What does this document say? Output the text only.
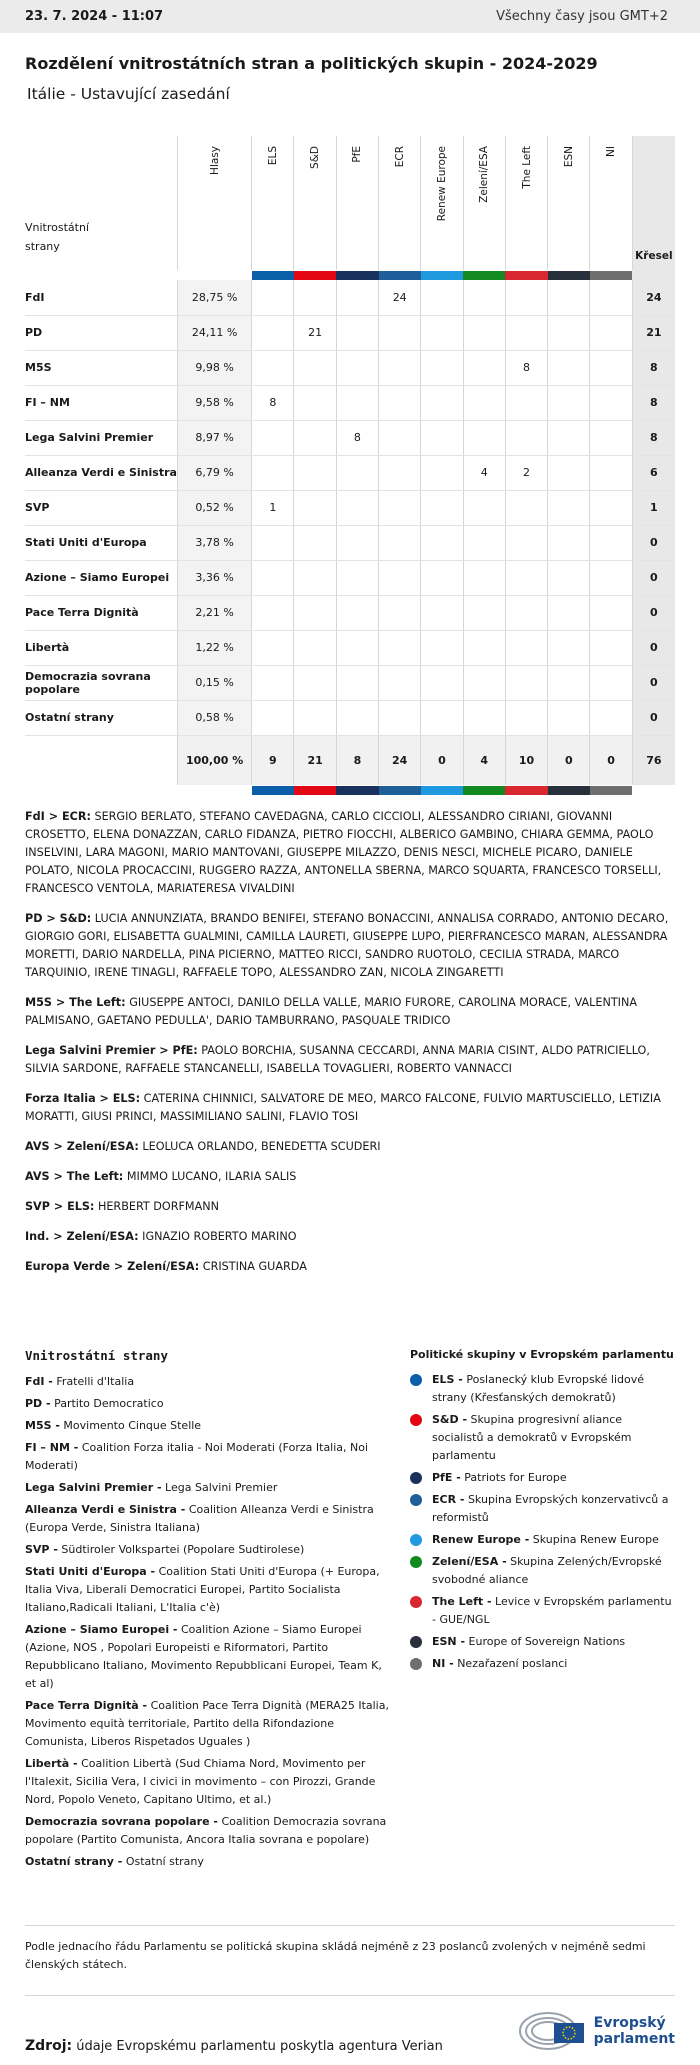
23. 7. 2024 - 11:07	Všechny časy jsou GMT+2
Rozdělení vnitrostátních stran a politických skupin - 2024-2029
Itálie - Ustavující zasedání
Vnitrostátní strany	Hlasy	ELS	S&D	PfE	ECR	Renew Europe	Zelení/ESA	The Left	ESN	NI	Křesel

FdI	28,75 %				24						24
PD	24,11 %		21								21
M5S	9,98 %							8			8
FI – NM	9,58 %	8									8
Lega Salvini Premier	8,97 %			8							8
Alleanza Verdi e Sinistra	6,79 %						4	2			6
SVP	0,52 %	1									1
Stati Uniti d'Europa	3,78 %										0
Azione – Siamo Europei	3,36 %										0
Pace Terra Dignità	2,21 %										0
Libertà	1,22 %										0
Democrazia sovrana popolare	0,15 %										0
Ostatní strany	0,58 %										0
	100,00 %	9	21	8	24	0	4	10	0	0	76

FdI > ECR: SERGIO BERLATO, STEFANO CAVEDAGNA, CARLO CICCIOLI, ALESSANDRO CIRIANI, GIOVANNI CROSETTO, ELENA DONAZZAN, CARLO FIDANZA, PIETRO FIOCCHI, ALBERICO GAMBINO, CHIARA GEMMA, PAOLO INSELVINI, LARA MAGONI, MARIO MANTOVANI, GIUSEPPE MILAZZO, DENIS NESCI, MICHELE PICARO, DANIELE POLATO, NICOLA PROCACCINI, RUGGERO RAZZA, ANTONELLA SBERNA, MARCO SQUARTA, FRANCESCO TORSELLI, FRANCESCO VENTOLA, MARIATERESA VIVALDINI

PD > S&D: LUCIA ANNUNZIATA, BRANDO BENIFEI, STEFANO BONACCINI, ANNALISA CORRADO, ANTONIO DECARO, GIORGIO GORI, ELISABETTA GUALMINI, CAMILLA LAURETI, GIUSEPPE LUPO, PIERFRANCESCO MARAN, ALESSANDRA MORETTI, DARIO NARDELLA, PINA PICIERNO, MATTEO RICCI, SANDRO RUOTOLO, CECILIA STRADA, MARCO TARQUINIO, IRENE TINAGLI, RAFFAELE TOPO, ALESSANDRO ZAN, NICOLA ZINGARETTI

M5S > The Left: GIUSEPPE ANTOCI, DANILO DELLA VALLE, MARIO FURORE, CAROLINA MORACE, VALENTINA PALMISANO, GAETANO PEDULLA', DARIO TAMBURRANO, PASQUALE TRIDICO

Lega Salvini Premier > PfE: PAOLO BORCHIA, SUSANNA CECCARDI, ANNA MARIA CISINT, ALDO PATRICIELLO, SILVIA SARDONE, RAFFAELE STANCANELLI, ISABELLA TOVAGLIERI, ROBERTO VANNACCI

Forza Italia > ELS: CATERINA CHINNICI, SALVATORE DE MEO, MARCO FALCONE, FULVIO MARTUSCIELLO, LETIZIA MORATTI, GIUSI PRINCI, MASSIMILIANO SALINI, FLAVIO TOSI

AVS > Zelení/ESA: LEOLUCA ORLANDO, BENEDETTA SCUDERI

AVS > The Left: MIMMO LUCANO, ILARIA SALIS

SVP > ELS: HERBERT DORFMANN

Ind. > Zelení/ESA: IGNAZIO ROBERTO MARINO

Europa Verde > Zelení/ESA: CRISTINA GUARDA

Vnitrostátní strany

FdI - Fratelli d'Italia

PD - Partito Democratico

M5S - Movimento Cinque Stelle

FI – NM - Coalition Forza italia - Noi Moderati (Forza Italia, Noi Moderati)

Lega Salvini Premier - Lega Salvini Premier

Alleanza Verdi e Sinistra - Coalition Alleanza Verdi e Sinistra (Europa Verde, Sinistra Italiana)

SVP - Südtiroler Volkspartei (Popolare Sudtirolese)

Stati Uniti d'Europa - Coalition Stati Uniti d'Europa (+ Europa, Italia Viva, Liberali Democratici Europei, Partito Socialista Italiano,Radicali Italiani, L'Italia c'è)

Azione – Siamo Europei - Coalition Azione – Siamo Europei (Azione, NOS , Popolari Europeisti e Riformatori, Partito Repubblicano Italiano, Movimento Repubblicani Europei, Team K, et al)

Pace Terra Dignità - Coalition Pace Terra Dignità (MERA25 Italia, Movimento equità territoriale, Partito della Rifondazione Comunista, Liberos Rispetados Ugualеs )

Libertà - Coalition Libertà (Sud Chiama Nord, Movimento per l'Italexit, Sicilia Vera, I civici in movimento – con Pirozzi, Grande Nord, Popolo Veneto, Capitano Ultimo, et al.)

Democrazia sovrana popolare - Coalition Democrazia sovrana popolare (Partito Comunista, Ancora Italia sovrana e popolare)

Ostatní strany - Ostatní strany

Politické skupiny v Evropském parlamentu
ELS - Poslanecký klub Evropské lidové strany (Křesťanských demokratů)
S&D - Skupina progresivní aliance socialistů a demokratů v Evropském parlamentu
PfE - Patriots for Europe
ECR - Skupina Evropských konzervativců a reformistů
Renew Europe - Skupina Renew Europe
Zelení/ESA - Skupina Zelených/Evropské svobodné aliance
The Left - Levice v Evropském parlamentu - GUE/NGL
ESN - Europe of Sovereign Nations
NI - Nezařazení poslanci
Podle jednacího řádu Parlamentu se politická skupina skládá nejméně z 23 poslanců zvolených v nejméně sedmi členských státech.
Zdroj: údaje Evropskému parlamentu poskytla agentura Verian
Evropský
parlament
